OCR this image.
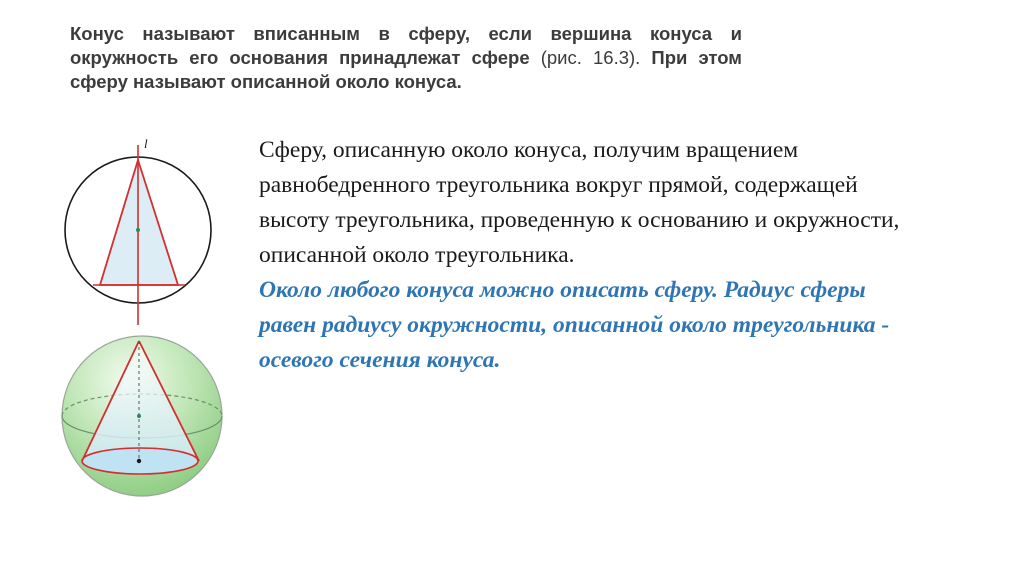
Конус называют вписанным в сферу, если вершина конуса и окружность его основания принадлежат сфере (рис. 16.3). При этом сферу называют описанной около конуса.

l	Сферу, описанную около конуса, получим вращением равнобедренного треугольника вокруг прямой, содержащей высоту треугольника, проведенную к основанию и окружности, описанной около треугольника.

Около любого конуса можно описать сферу. Радиус сферы равен радиусу окружности, описанной около треугольника - осевого сечения конуса.
